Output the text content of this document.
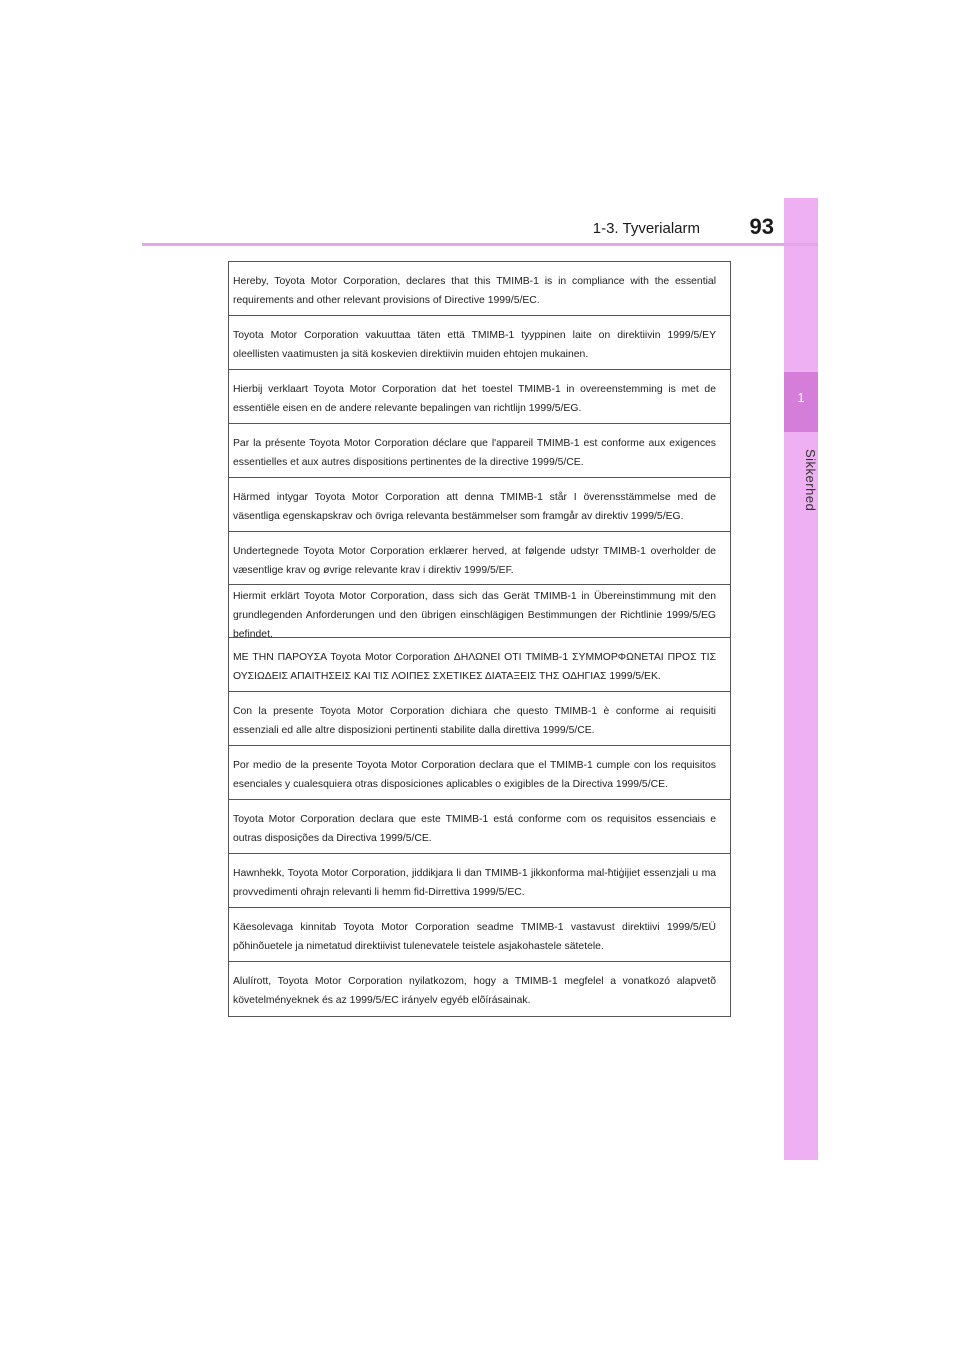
1
Sikkerhed
1-3. Tyverialarm	93
Hereby, Toyota Motor Corporation, declares that this TMIMB-1 is in compliance with the essential requirements and other relevant provisions of Directive 1999/5/EC.
Toyota Motor Corporation vakuuttaa täten että TMIMB-1 tyyppinen laite on direktiivin 1999/5/EY oleellisten vaatimusten ja sitä koskevien direktiivin muiden ehtojen mukainen.
Hierbij verklaart Toyota Motor Corporation dat het toestel TMIMB-1 in overeenstemming is met de essentiële eisen en de andere relevante bepalingen van richtlijn 1999/5/EG.
Par la présente Toyota Motor Corporation déclare que l'appareil TMIMB-1 est conforme aux exigences essentielles et aux autres dispositions pertinentes de la directive 1999/5/CE.
Härmed intygar Toyota Motor Corporation att denna TMIMB-1 står I överensstämmelse med de väsentliga egenskapskrav och övriga relevanta bestämmelser som framgår av direktiv 1999/5/EG.
Undertegnede Toyota Motor Corporation erklærer herved, at følgende udstyr TMIMB-1 overholder de væsentlige krav og øvrige relevante krav i direktiv 1999/5/EF.
Hiermit erklärt Toyota Motor Corporation, dass sich das Gerät TMIMB-1 in Übereinstimmung mit den grundlegenden Anforderungen und den übrigen einschlägigen Bestimmungen der Richtlinie 1999/5/EG befindet.
ΜΕ ΤΗΝ ΠΑΡΟΥΣΑ Toyota Motor Corporation ΔΗΛΩΝΕΙ ΟΤΙ TMIMB-1 ΣΥΜΜΟΡΦΩΝΕΤΑΙ ΠΡΟΣ ΤΙΣ ΟΥΣΙΩΔΕΙΣ ΑΠΑΙΤΗΣΕΙΣ ΚΑΙ ΤΙΣ ΛΟΙΠΕΣ ΣΧΕΤΙΚΕΣ ΔΙΑΤΑΞΕΙΣ ΤΗΣ ΟΔΗΓΙΑΣ 1999/5/ΕΚ.
Con la presente Toyota Motor Corporation dichiara che questo TMIMB-1 è conforme ai requisiti essenziali ed alle altre disposizioni pertinenti stabilite dalla direttiva 1999/5/CE.
Por medio de la presente Toyota Motor Corporation declara que el TMIMB-1 cumple con los requisitos esenciales y cualesquiera otras disposiciones aplicables o exigibles de la Directiva 1999/5/CE.
Toyota Motor Corporation declara que este TMIMB-1 está conforme com os requisitos essenciais e outras disposições da Directiva 1999/5/CE.
Hawnhekk, Toyota Motor Corporation, jiddikjara li dan TMIMB-1 jikkonforma mal-ħtiġijiet essenzjali u ma provvedimenti oħrajn relevanti li hemm fid-Dirrettiva 1999/5/EC.
Käesolevaga kinnitab Toyota Motor Corporation seadme TMIMB-1 vastavust direktiivi 1999/5/EÜ põhinõuetele ja nimetatud direktiivist tulenevatele teistele asjakohastele sätetele.
Alulírott, Toyota Motor Corporation nyilatkozom, hogy a TMIMB-1 megfelel a vonatkozó alapvetõ követelményeknek és az 1999/5/EC irányelv egyéb elõírásainak.
